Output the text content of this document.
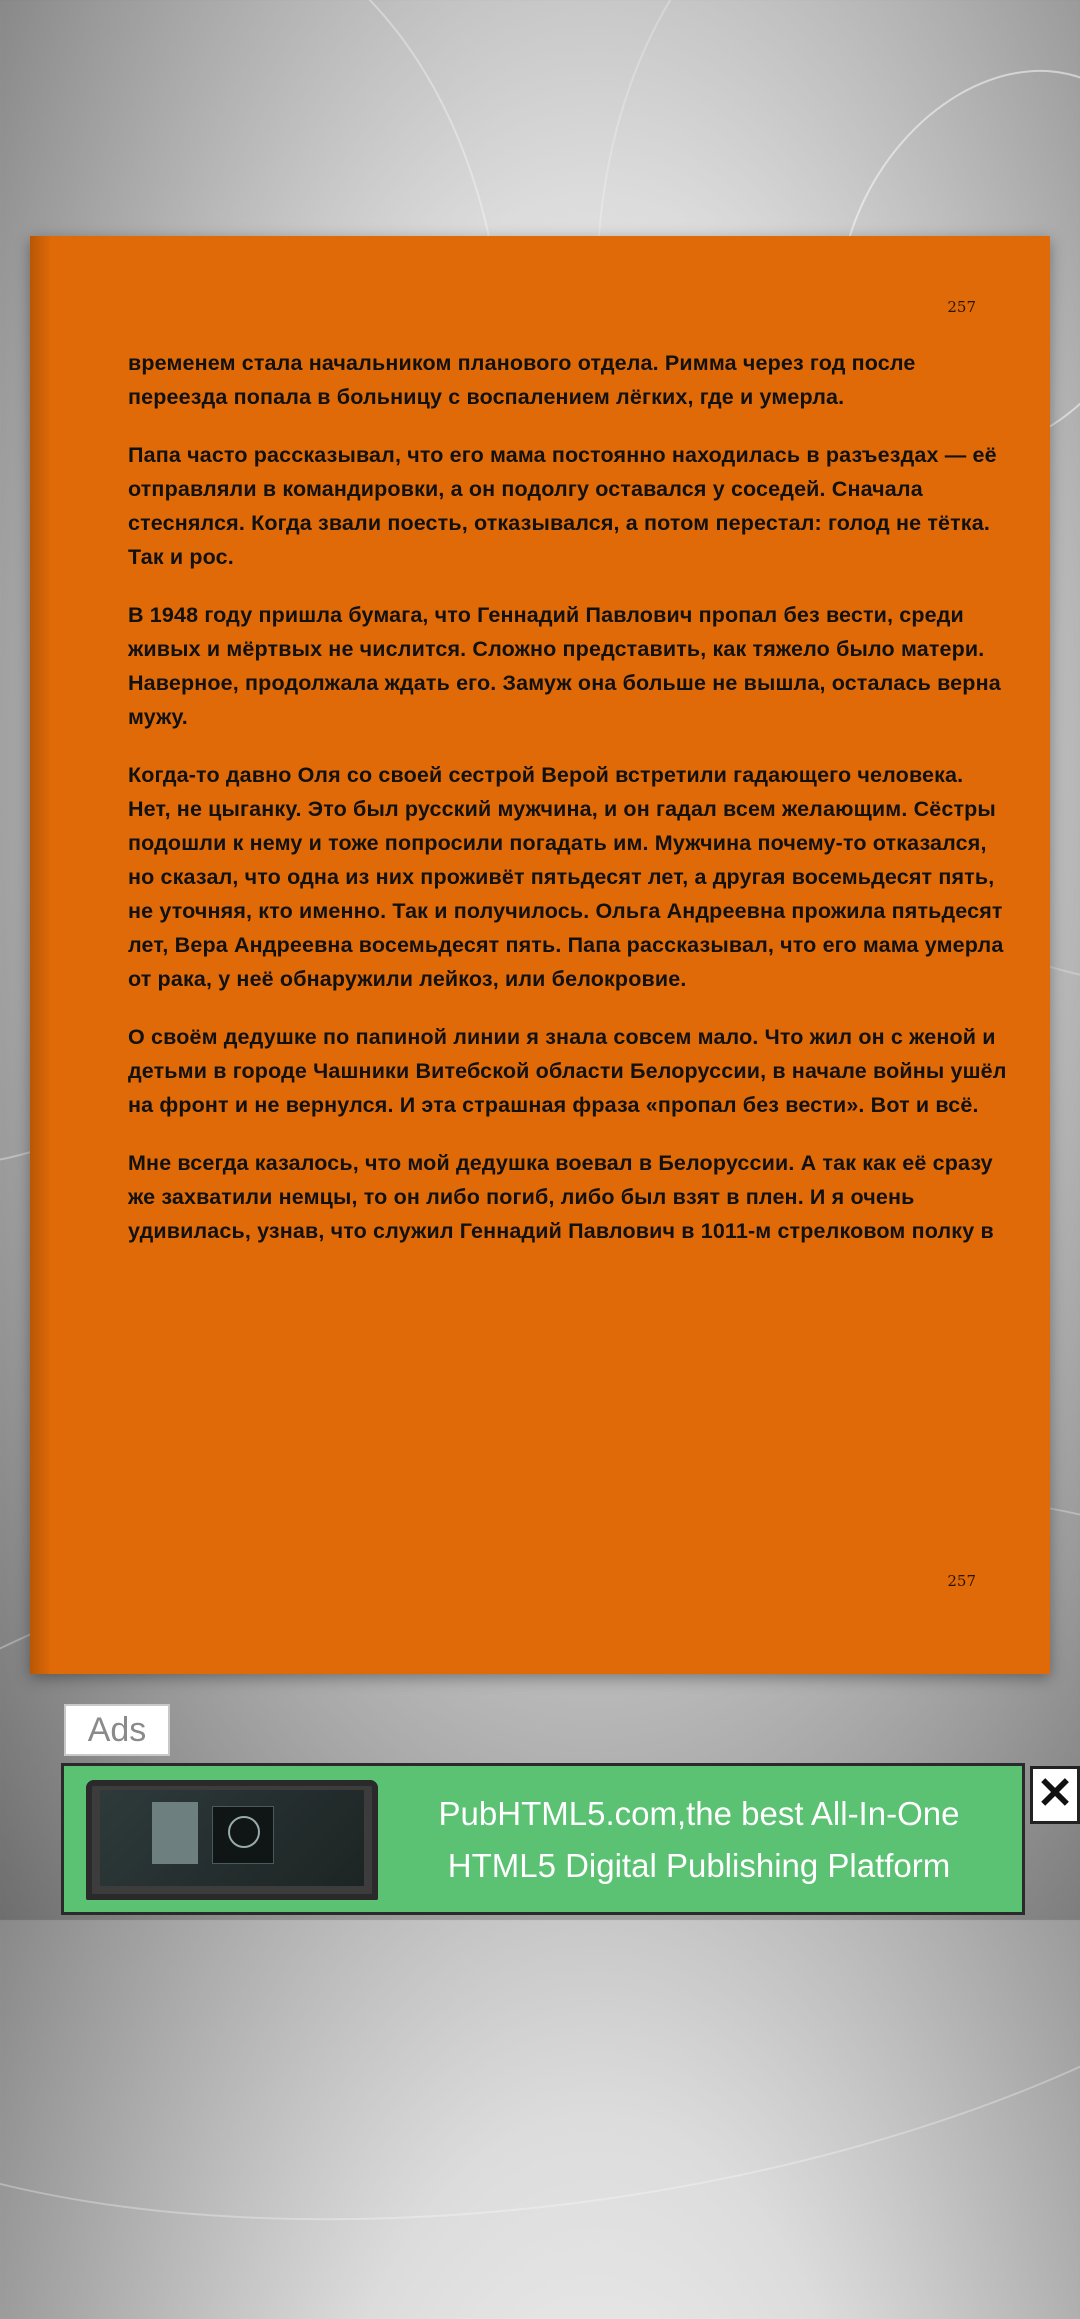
257

временем стала начальником планового отдела. Римма через год после переезда попала в больницу с воспалением лёгких, где и умерла.

Папа часто рассказывал, что его мама постоянно находилась в разъездах — её отправляли в командировки, а он подолгу оставался у соседей. Сначала стеснялся. Когда звали поесть, отказывался, а потом перестал: голод не тётка. Так и рос.

В 1948 году пришла бумага, что Геннадий Павлович пропал без вести, среди живых и мёртвых не числится. Сложно представить, как тяжело было матери. Наверное, продолжала ждать его. Замуж она больше не вышла, осталась верна мужу.

Когда-то давно Оля со своей сестрой Верой встретили гадающего человека. Нет, не цыганку. Это был русский мужчина, и он гадал всем желающим. Сёстры подошли к нему и тоже попросили погадать им. Мужчина почему-то отказался, но сказал, что одна из них проживёт пятьдесят лет, а другая восемьдесят пять, не уточняя, кто именно. Так и получилось. Ольга Андреевна прожила пятьдесят лет, Вера Андреевна восемьдесят пять. Папа рассказывал, что его мама умерла от рака, у неё обнаружили лейкоз, или белокровие.

О своём дедушке по папиной линии я знала совсем мало. Что жил он с женой и детьми в городе Чашники Витебской области Белоруссии, в начале войны ушёл на фронт и не вернулся. И эта страшная фраза «пропал без вести». Вот и всё.

Мне всегда казалось, что мой дедушка воевал в Белоруссии. А так как её сразу же захватили немцы, то он либо погиб, либо был взят в плен. И я очень удивилась, узнав, что служил Геннадий Павлович в 1011-м стрелковом полку в

257
Ads
PubHTML5.com,the best All-In-One
HTML5 Digital Publishing Platform
✕
